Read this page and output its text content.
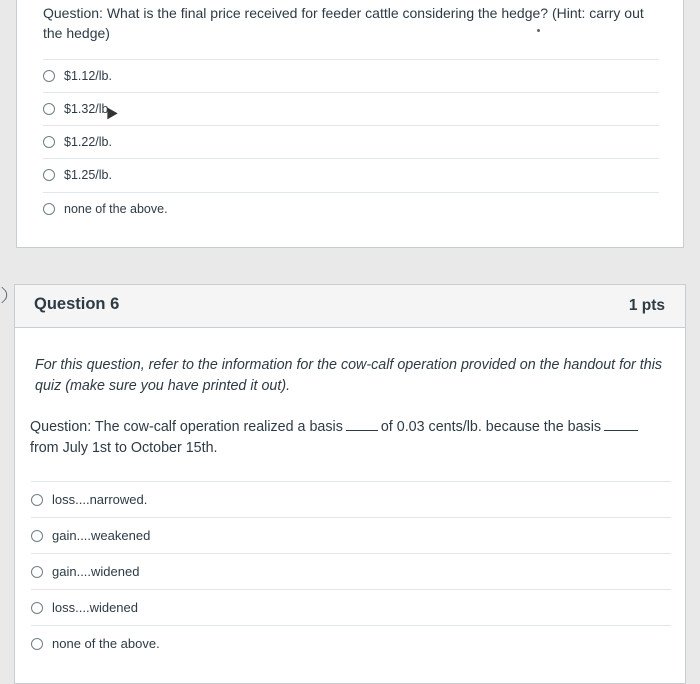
Question: What is the final price received for feeder cattle considering the hedge? (Hint: carry out the hedge)
$1.12/lb.
$1.32/lb.
$1.22/lb.
$1.25/lb.
none of the above.
Question 6	1 pts
For this question, refer to the information for the cow-calf operation provided on the handout for this quiz (make sure you have printed it out).
Question: The cow-calf operation realized a basis	of 0.03 cents/lb. because the basis
from July 1st to October 15th.
loss....narrowed.
gain....weakened
gain....widened
loss....widened
none of the above.
